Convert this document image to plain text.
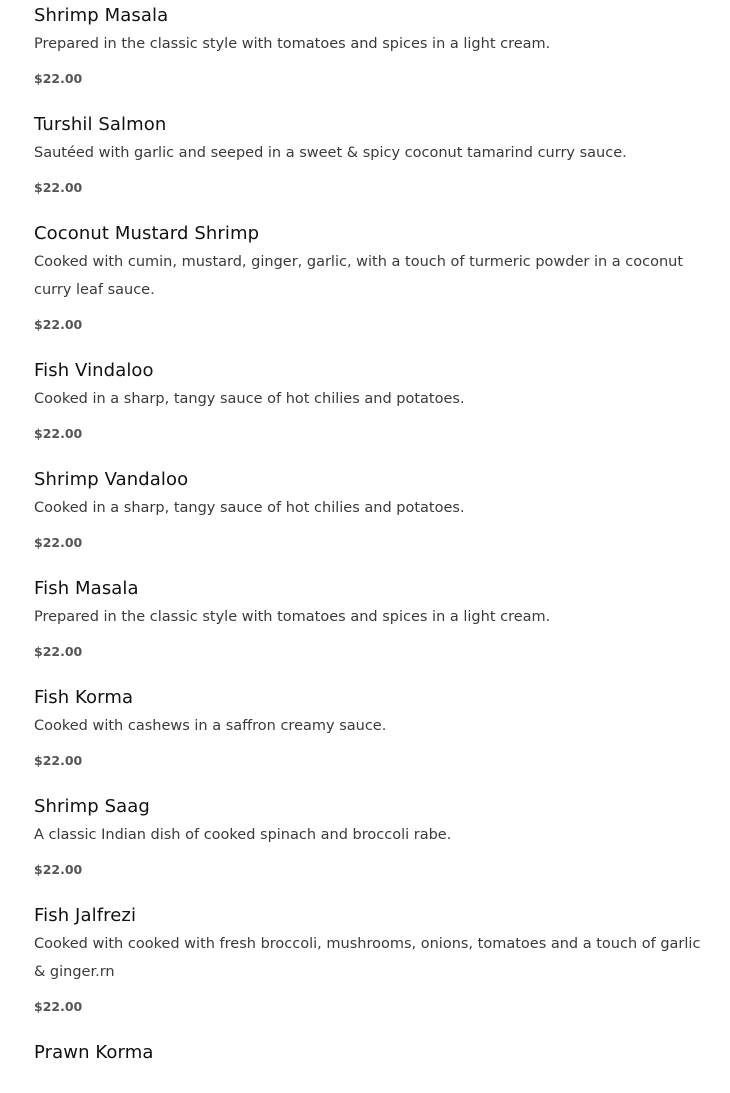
Shrimp Masala

Prepared in the classic style with tomatoes and spices in a light cream.

$22.00
Turshil Salmon

Sautéed with garlic and seeped in a sweet & spicy coconut tamarind curry sauce.

$22.00
Coconut Mustard Shrimp

Cooked with cumin, mustard, ginger, garlic, with a touch of turmeric powder in a coconut curry leaf sauce.

$22.00
Fish Vindaloo

Cooked in a sharp, tangy sauce of hot chilies and potatoes.

$22.00
Shrimp Vandaloo

Cooked in a sharp, tangy sauce of hot chilies and potatoes.

$22.00
Fish Masala

Prepared in the classic style with tomatoes and spices in a light cream.

$22.00
Fish Korma

Cooked with cashews in a saffron creamy sauce.

$22.00
Shrimp Saag

A classic Indian dish of cooked spinach and broccoli rabe.

$22.00
Fish Jalfrezi

Cooked with cooked with fresh broccoli, mushrooms, onions, tomatoes and a touch of garlic & ginger.rn

$22.00
Prawn Korma
